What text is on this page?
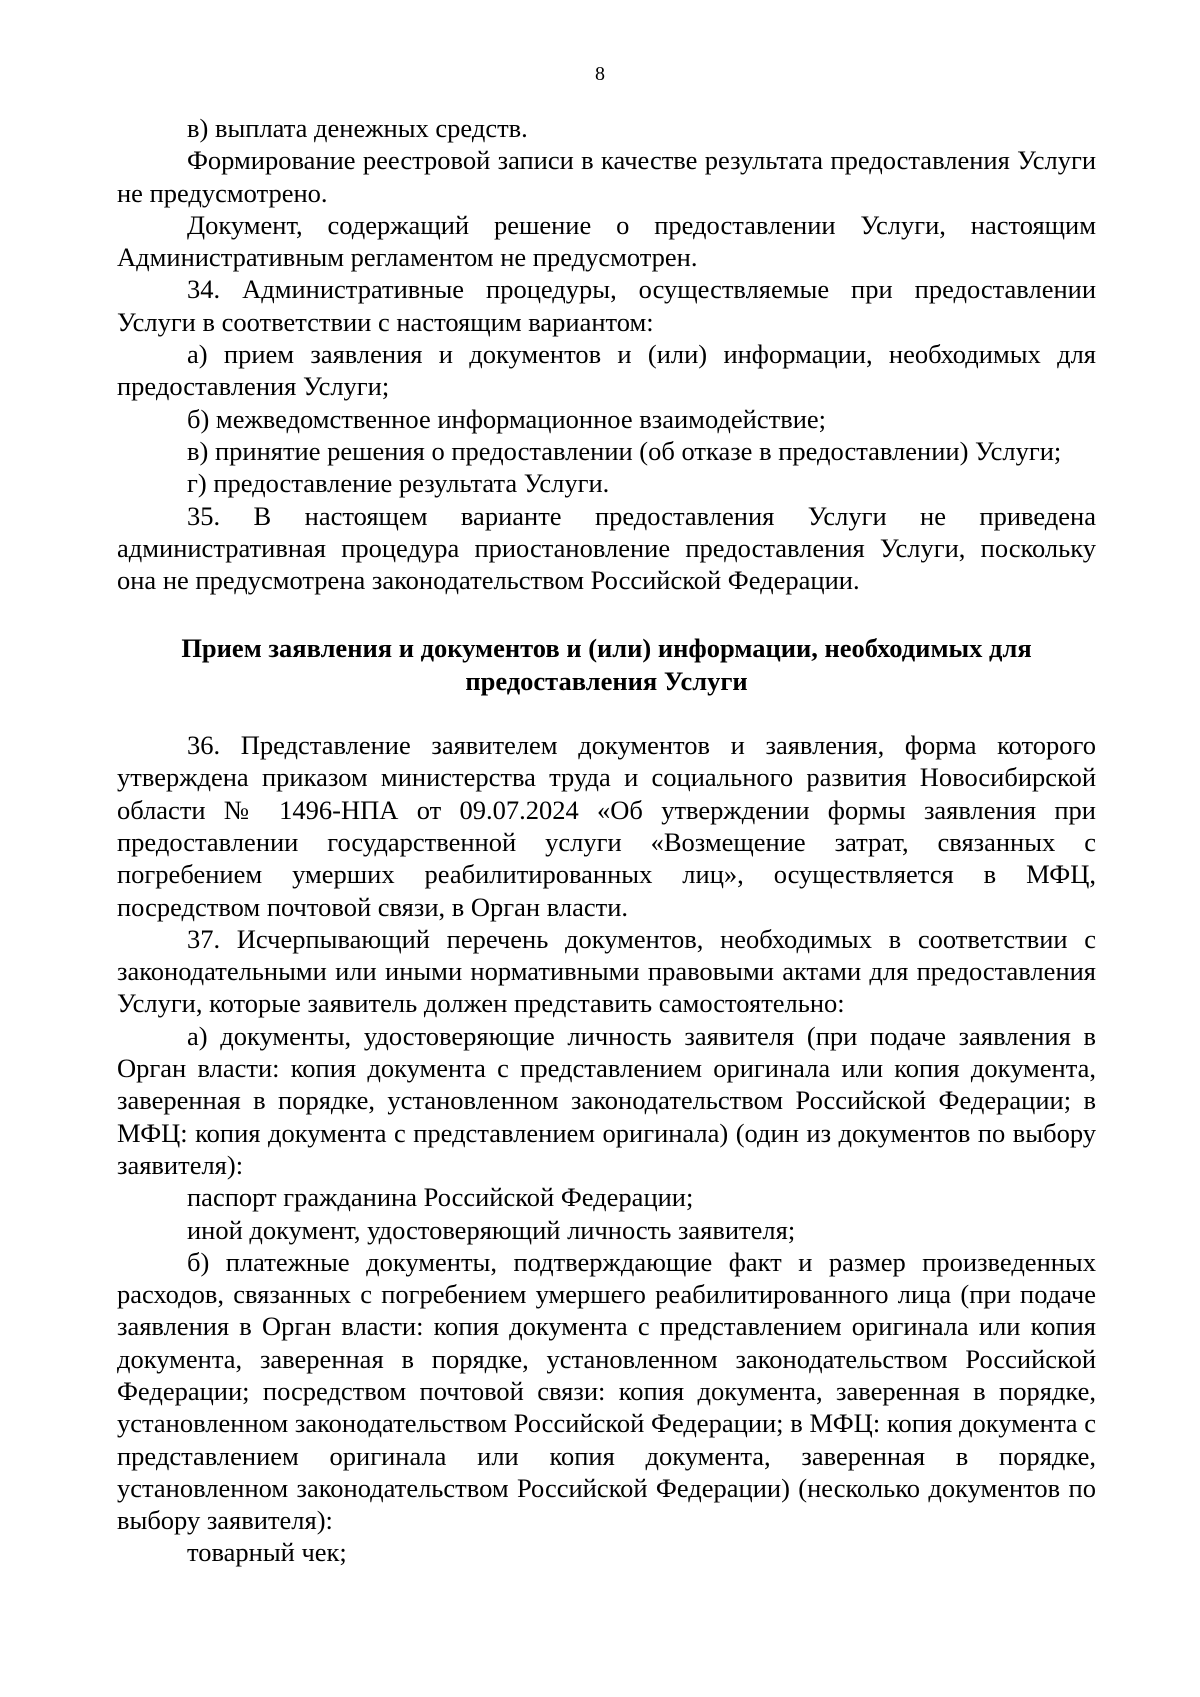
8

в) выплата денежных средств.

Формирование реестровой записи в качестве результата предоставления Услуги не предусмотрено.

Документ, содержащий решение о предоставлении Услуги, настоящим Административным регламентом не предусмотрен.

34. Административные процедуры, осуществляемые при предоставлении Услуги в соответствии с настоящим вариантом:

а) прием заявления и документов и (или) информации, необходимых для предоставления Услуги;

б) межведомственное информационное взаимодействие;

в) принятие решения о предоставлении (об отказе в предоставлении) Услуги;

г) предоставление результата Услуги.

35. В настоящем варианте предоставления Услуги не приведена административная процедура приостановление предоставления Услуги, поскольку она не предусмотрена законодательством Российской Федерации.

Прием заявления и документов и (или) информации, необходимых для
предоставления Услуги

36. Представление заявителем документов и заявления, форма которого утверждена приказом министерства труда и социального развития Новосибирской области № 1496-НПА от 09.07.2024 «Об утверждении формы заявления при предоставлении государственной услуги «Возмещение затрат, связанных с погребением умерших реабилитированных лиц», осуществляется в МФЦ, посредством почтовой связи, в Орган власти.

37. Исчерпывающий перечень документов, необходимых в соответствии с законодательными или иными нормативными правовыми актами для предоставления Услуги, которые заявитель должен представить самостоятельно:

а) документы, удостоверяющие личность заявителя (при подаче заявления в Орган власти: копия документа с представлением оригинала или копия документа, заверенная в порядке, установленном законодательством Российской Федерации; в МФЦ: копия документа с представлением оригинала) (один из документов по выбору заявителя):

паспорт гражданина Российской Федерации;

иной документ, удостоверяющий личность заявителя;

б) платежные документы, подтверждающие факт и размер произведенных расходов, связанных с погребением умершего реабилитированного лица (при подаче заявления в Орган власти: копия документа с представлением оригинала или копия документа, заверенная в порядке, установленном законодательством Российской Федерации; посредством почтовой связи: копия документа, заверенная в порядке, установленном законодательством Российской Федерации; в МФЦ: копия документа с представлением оригинала или копия документа, заверенная в порядке, установленном законодательством Российской Федерации) (несколько документов по выбору заявителя):

товарный чек;
